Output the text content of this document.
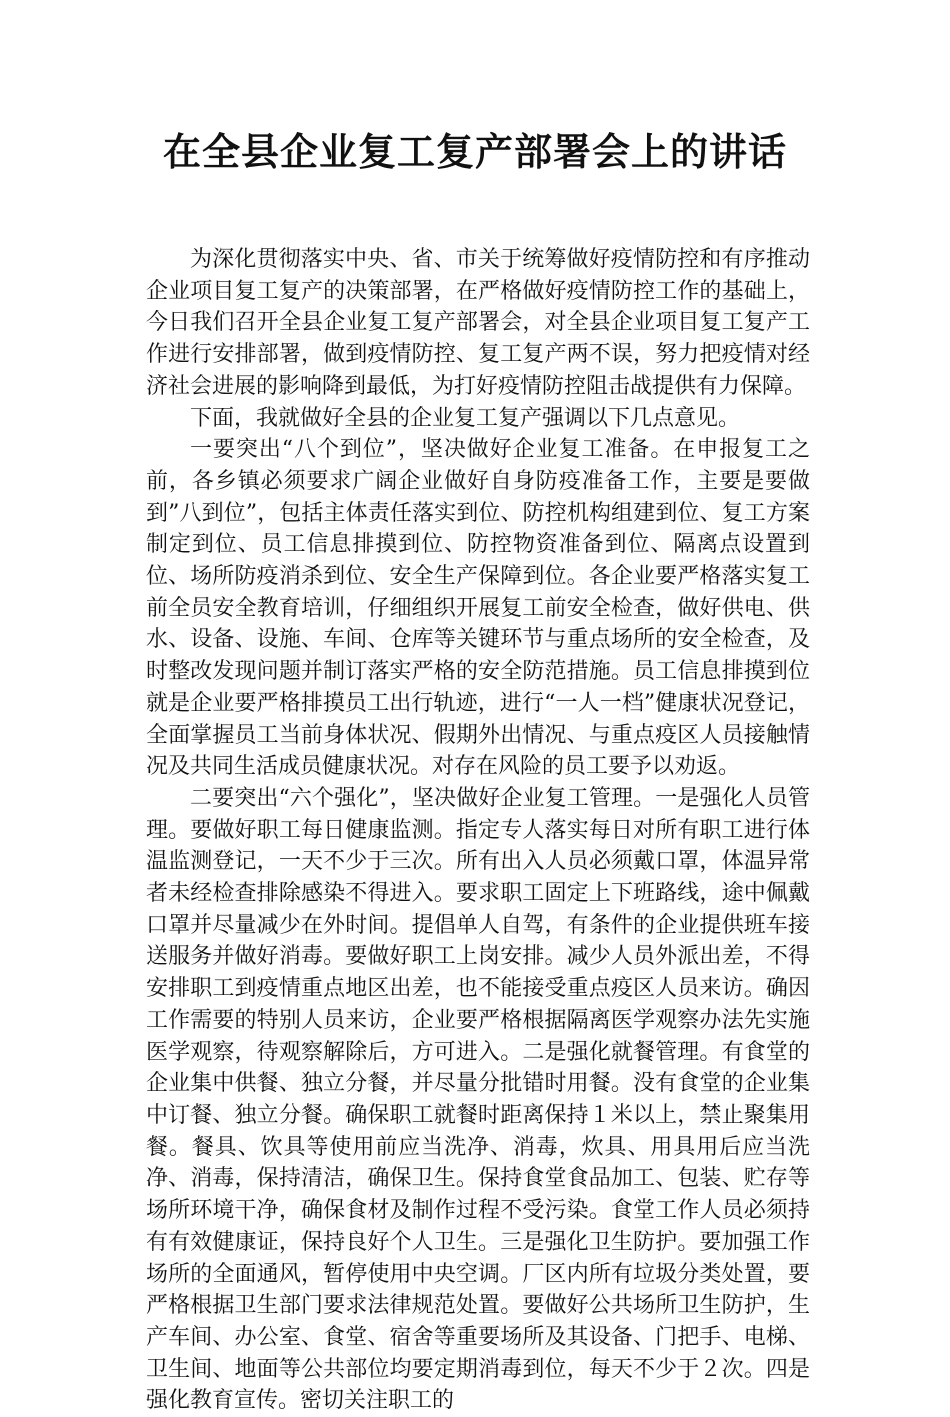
在全县企业复工复产部署会上的讲话

为深化贯彻落实中央、省、市关于统筹做好疫情防控和有序推动企业项目复工复产的决策部署，在严格做好疫情防控工作的基础上，今日我们召开全县企业复工复产部署会，对全县企业项目复工复产工作进行安排部署，做到疫情防控、复工复产两不误，努力把疫情对经济社会进展的影响降到最低，为打好疫情防控阻击战提供有力保障。

下面，我就做好全县的企业复工复产强调以下几点意见。

一要突出“八个到位”，坚决做好企业复工准备。在申报复工之前，各乡镇必须要求广阔企业做好自身防疫准备工作，主要是要做到”八到位”，包括主体责任落实到位、防控机构组建到位、复工方案制定到位、员工信息排摸到位、防控物资准备到位、隔离点设置到位、场所防疫消杀到位、安全生产保障到位。各企业要严格落实复工前全员安全教育培训，仔细组织开展复工前安全检查，做好供电、供水、设备、设施、车间、仓库等关键环节与重点场所的安全检查，及时整改发现问题并制订落实严格的安全防范措施。员工信息排摸到位就是企业要严格排摸员工出行轨迹，进行“一人一档”健康状况登记，全面掌握员工当前身体状况、假期外出情况、与重点疫区人员接触情况及共同生活成员健康状况。对存在风险的员工要予以劝返。

二要突出“六个强化”，坚决做好企业复工管理。一是强化人员管理。要做好职工每日健康监测。指定专人落实每日对所有职工进行体温监测登记，一天不少于三次。所有出入人员必须戴口罩，体温异常者未经检查排除感染不得进入。要求职工固定上下班路线，途中佩戴口罩并尽量减少在外时间。提倡单人自驾，有条件的企业提供班车接送服务并做好消毒。要做好职工上岗安排。减少人员外派出差，不得安排职工到疫情重点地区出差，也不能接受重点疫区人员来访。确因工作需要的特别人员来访，企业要严格根据隔离医学观察办法先实施医学观察，待观察解除后，方可进入。二是强化就餐管理。有食堂的企业集中供餐、独立分餐，并尽量分批错时用餐。没有食堂的企业集中订餐、独立分餐。确保职工就餐时距离保持１米以上，禁止聚集用餐。餐具、饮具等使用前应当洗净、消毒，炊具、用具用后应当洗净、消毒，保持清洁，确保卫生。保持食堂食品加工、包装、贮存等场所环境干净，确保食材及制作过程不受污染。食堂工作人员必须持有有效健康证，保持良好个人卫生。三是强化卫生防护。要加强工作场所的全面通风，暂停使用中央空调。厂区内所有垃圾分类处置，要严格根据卫生部门要求法律规范处置。要做好公共场所卫生防护，生产车间、办公室、食堂、宿舍等重要场所及其设备、门把手、电梯、卫生间、地面等公共部位均要定期消毒到位，每天不少于２次。四是强化教育宣传。密切关注职工的
